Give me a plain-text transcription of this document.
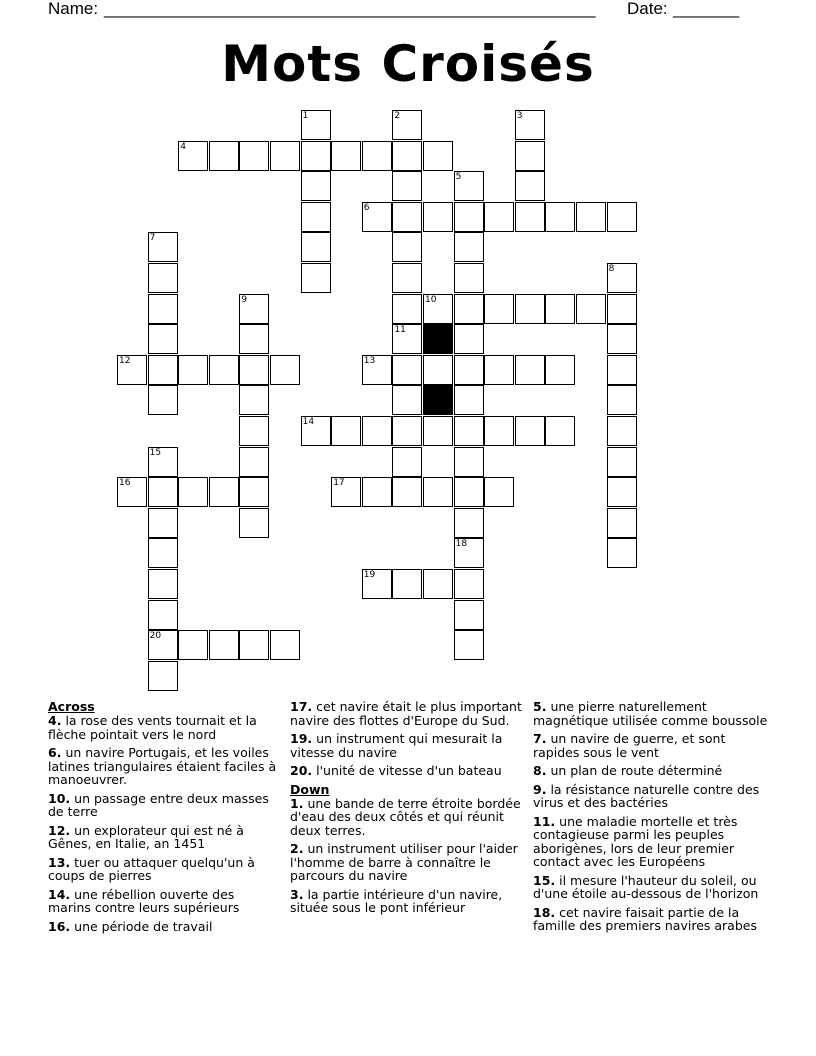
Name: ____________________________________________________ Date: _______
Mots Croisés
4
6
10
12	13
14
16	17
19
20
1	2
11
3
5
18
7
8
9
15
Across
4. la rose des vents tournait et la flèche pointait vers le nord
6. un navire Portugais, et les voiles latines triangulaires étaient faciles à manoeuvrer.
10. un passage entre deux masses de terre
12. un explorateur qui est né à Gênes, en Italie, an 1451
13. tuer ou attaquer quelqu'un à coups de pierres
14. une rébellion ouverte des marins contre leurs supérieurs
16. une période de travail
17. cet navire était le plus important navire des flottes d'Europe du Sud.
19. un instrument qui mesurait la vitesse du navire
20. l'unité de vitesse d'un bateau
Down
1. une bande de terre étroite bordée d'eau des deux côtés et qui réunit deux terres.
2. un instrument utiliser pour l'aider l'homme de barre à connaître le parcours du navire
3. la partie intérieure d'un navire, située sous le pont inférieur
5. une pierre naturellement magnétique utilisée comme boussole
7. un navire de guerre, et sont rapides sous le vent
8. un plan de route déterminé
9. la résistance naturelle contre des virus et des bactéries
11. une maladie mortelle et très contagieuse parmi les peuples aborigènes, lors de leur premier contact avec les Européens
15. il mesure l'hauteur du soleil, ou d'une étoile au-dessous de l'horizon
18. cet navire faisait partie de la famille des premiers navires arabes
